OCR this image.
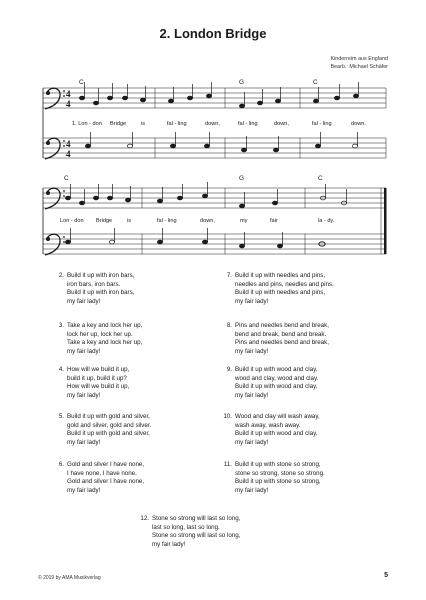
2. London Bridge
Kinderreim aus England
Bearb.: Michael Schäfer
4
4
4
4
C	G	C
1. Lon - don Bridge	is	fal - ling	down,	fal - ling	down,	fal - ling	down.
C	G	C
Lon - don Bridge	is	fal - ling	down,	my	fair	la - dy.
2. Build it up with iron bars,
iron bars, iron bars.
Build it up with iron bars,
my fair lady!
3. Take a key and lock her up,
lock her up, lock her up.
Take a key and lock her up,
my fair lady!
4. How will we build it up,
build it up, build it up?
How will we build it up,
my fair lady!
5. Build it up with gold and silver,
gold and silver, gold and silver.
Build it up with gold and silver,
my fair lady!
6. Gold and silver I have none,
I have none, I have none.
Gold and silver I have none,
my fair lady!
7. Build it up with needles and pins,
needles and pins, needles and pins.
Build it up with needles and pins,
my fair lady!
8. Pins and needles bend and break,
bend and break, bend and break.
Pins and needles bend and break,
my fair lady!
9. Build it up with wood and clay,
wood and clay, wood and clay.
Build it up with wood and clay,
my fair lady!
10. Wood and clay will wash away,
wash away, wash away.
Build it up with wood and clay,
my fair lady!
11. Build it up with stone so strong,
stone so strong, stone so strong.
Build it up with stone so strong,
my fair lady!
12. Stone so strong will last so long,
last so long, last so long.
Stone so strong will last so long,
my fair lady!
© 2019 by AMA Musikverlag	5
